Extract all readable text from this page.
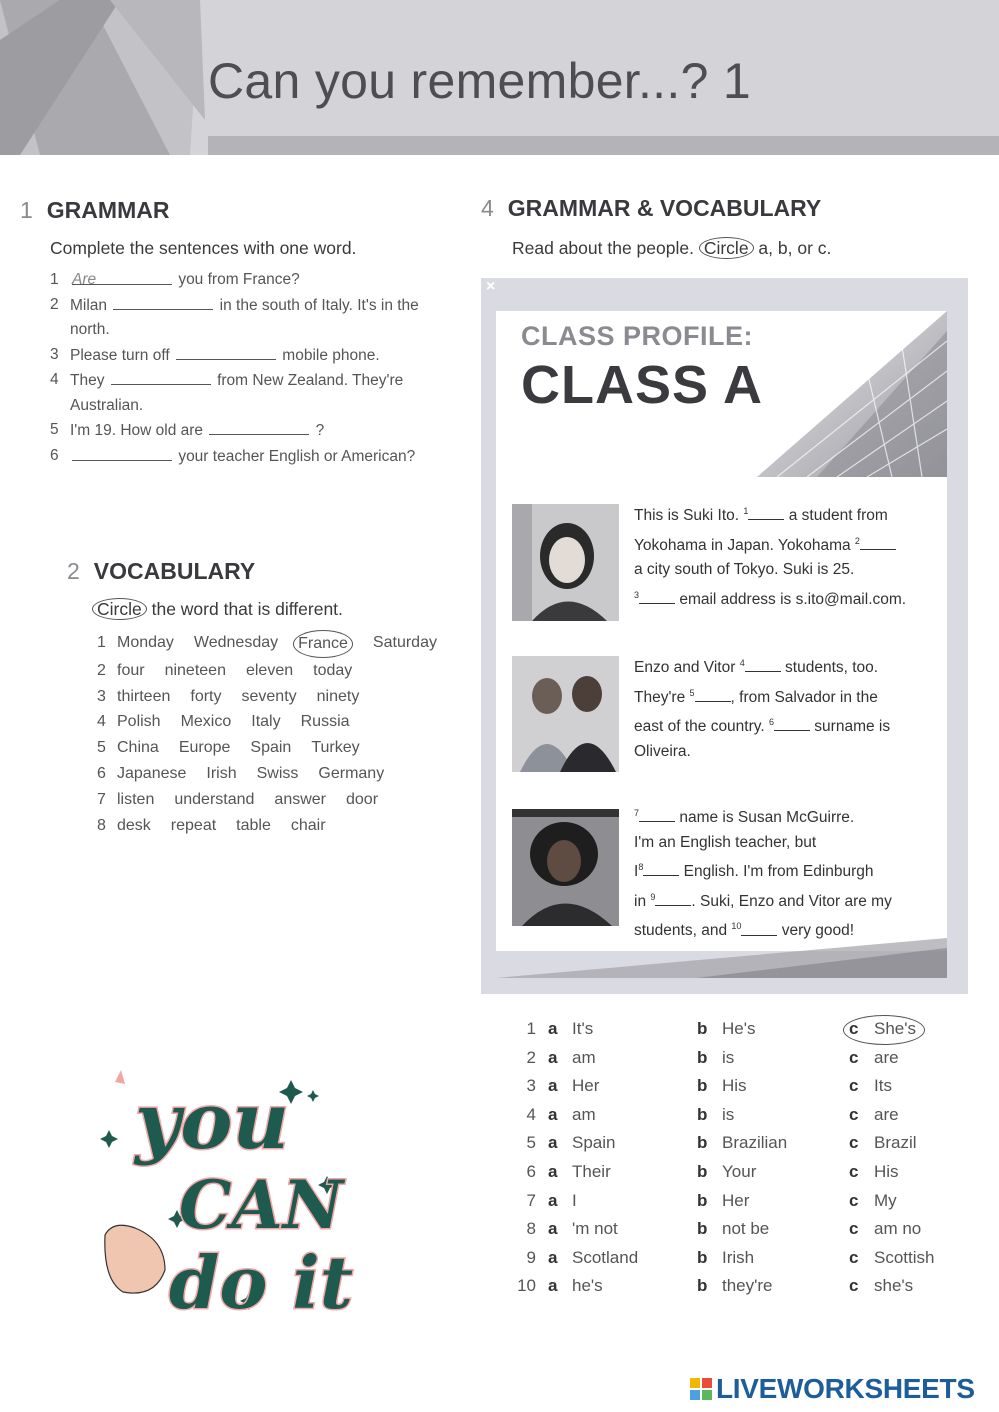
Can you remember...? 1
1 GRAMMAR
Complete the sentences with one word.
1 Are	you from France?
2 Milan	in the south of Italy. It's in the
north.
3 Please turn off	mobile phone.
4 They	from New Zealand. They're
Australian.
5 I'm 19. How old are	?
6	your teacher English or American?
2 VOCABULARY
Circle the word that is different.
1 Monday Wednesday	France	Saturday
2 four nineteen eleven today
3 thirteen forty seventy ninety
4 Polish Mexico Italy Russia
5 China Europe Spain Turkey
6 Japanese Irish Swiss Germany
7 listen understand answer door
8 desk repeat table chair
4 GRAMMAR & VOCABULARY
Read about the people. Circle a, b, or c.
×
CLASS PROFILE:
CLASS A
This is Suki Ito. $^1$ a student from
Yokohama in Japan. Yokohama $^2$
a city south of Tokyo. Suki is 25.
$^3$ email address is s.ito@mail.com.
Enzo and Vitor $^4$ students, too.
They're $^5$ , from Salvador in the
east of the country. $^6$ surname is
Oliveira.
$^7$ name is Susan McGuirre.
I'm an English teacher, but
$I^8$ English. I'm from Edinburgh
in $^9$ . Suki, Enzo and Vitor are my
students, and $^{10}$ very good!
1 a It's	b He's	c She's
2 a am	b is	c are
3 a Her	b His	c Its
4 a am	b is	c are
5 a Spain	b Brazilian	c Brazil
6 a Their	b Your	c His
7 a I	b Her	c My
8 a 'm not	b not be	c am no
9 a Scotland	b Irish	c Scottish
10 a he's	b they're	c she's
you
CAN
do it
LIVEWORKSHEETS
